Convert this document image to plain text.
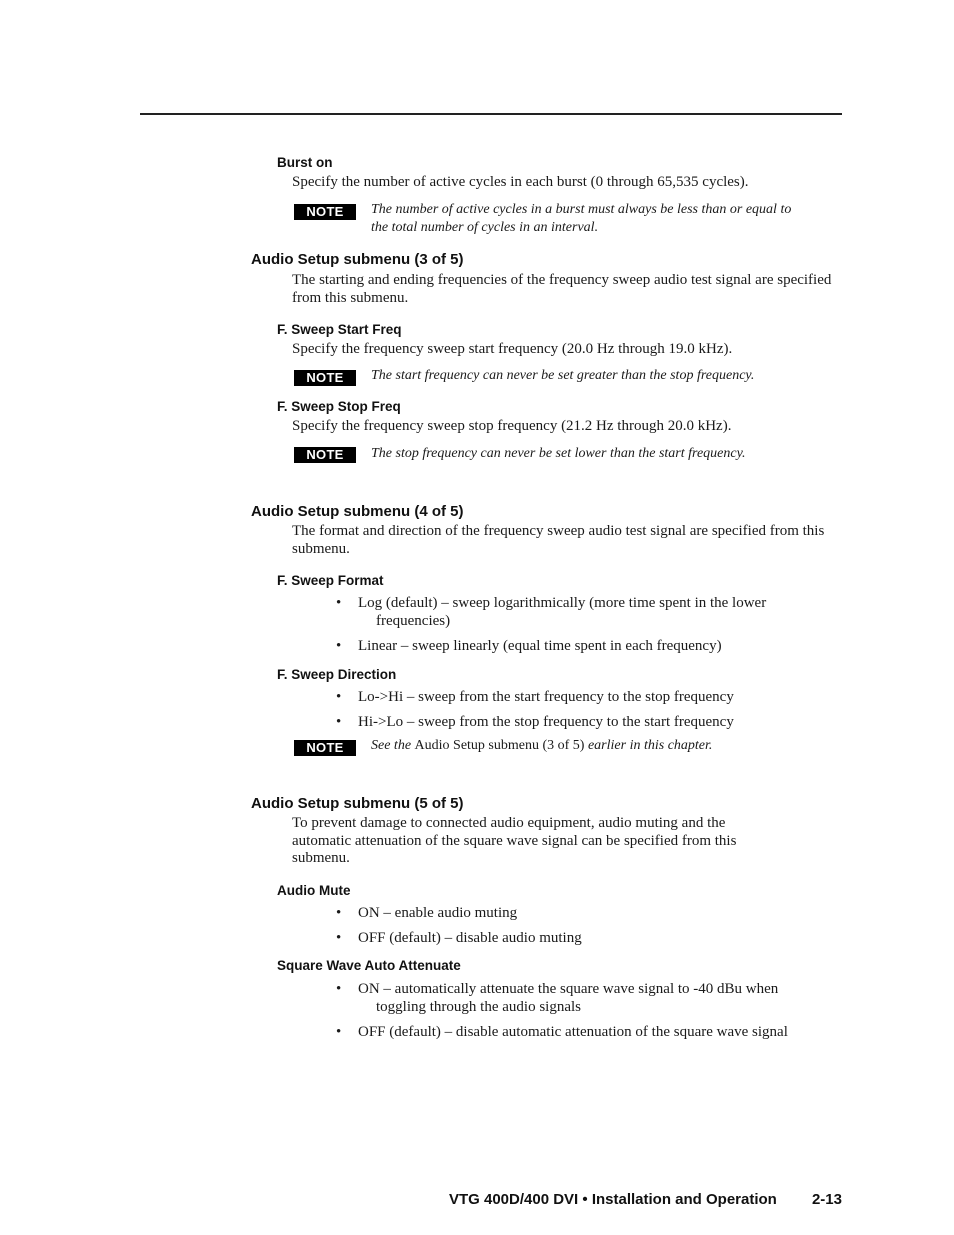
Burst on

Specify the number of active cycles in each burst (0 through 65,535 cycles).

NOTE	The number of active cycles in a burst must always be less than or equal to
the total number of cycles in an interval.
Audio Setup submenu (3 of 5)

The starting and ending frequencies of the frequency sweep audio test signal are specified from this submenu.

F. Sweep Start Freq

Specify the frequency sweep start frequency (20.0 Hz through 19.0 kHz).

NOTE	The start frequency can never be set greater than the stop frequency.
F. Sweep Stop Freq

Specify the frequency sweep stop frequency (21.2 Hz through 20.0 kHz).

NOTE	The stop frequency can never be set lower than the start frequency.
Audio Setup submenu (4 of 5)

The format and direction of the frequency sweep audio test signal are specified from this submenu.

F. Sweep Format
• Log (default) – sweep logarithmically (more time spent in the lower
frequencies)
• Linear – sweep linearly (equal time spent in each frequency)
F. Sweep Direction
• Lo->Hi – sweep from the start frequency to the stop frequency
• Hi->Lo – sweep from the stop frequency to the start frequency
NOTE	See the Audio Setup submenu (3 of 5) earlier in this chapter.
Audio Setup submenu (5 of 5)
To prevent damage to connected audio equipment, audio muting and the
automatic attenuation of the square wave signal can be specified from this
submenu.
Audio Mute
• ON – enable audio muting
• OFF (default) – disable audio muting
Square Wave Auto Attenuate
• ON – automatically attenuate the square wave signal to -40 dBu when
toggling through the audio signals
• OFF (default) – disable automatic attenuation of the square wave signal
VTG 400D/400 DVI • Installation and Operation 2-13
